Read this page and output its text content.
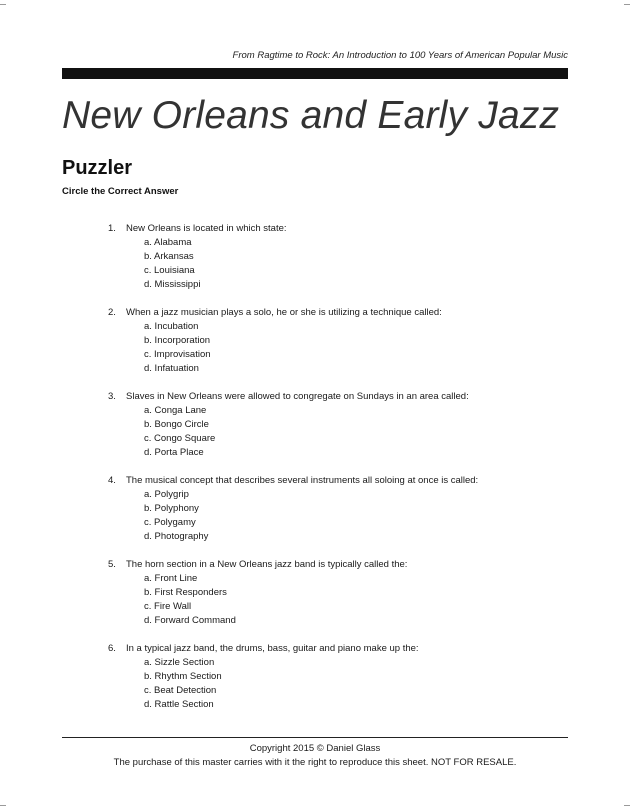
From Ragtime to Rock: An Introduction to 100 Years of American Popular Music
New Orleans and Early Jazz
Puzzler
Circle the Correct Answer
1.	New Orleans is located in which state:
a. Alabama
b. Arkansas
c. Louisiana
d. Mississippi
2.	When a jazz musician plays a solo, he or she is utilizing a technique called:
a. Incubation
b. Incorporation
c. Improvisation
d. Infatuation
3.	Slaves in New Orleans were allowed to congregate on Sundays in an area called:
a. Conga Lane
b. Bongo Circle
c. Congo Square
d. Porta Place
4.	The musical concept that describes several instruments all soloing at once is called:
a. Polygrip
b. Polyphony
c. Polygamy
d. Photography
5.	The horn section in a New Orleans jazz band is typically called the:
a. Front Line
b. First Responders
c. Fire Wall
d. Forward Command
6.	In a typical jazz band, the drums, bass, guitar and piano make up the:
a. Sizzle Section
b. Rhythm Section
c. Beat Detection
d. Rattle Section
Copyright 2015 © Daniel Glass
The purchase of this master carries with it the right to reproduce this sheet. NOT FOR RESALE.
